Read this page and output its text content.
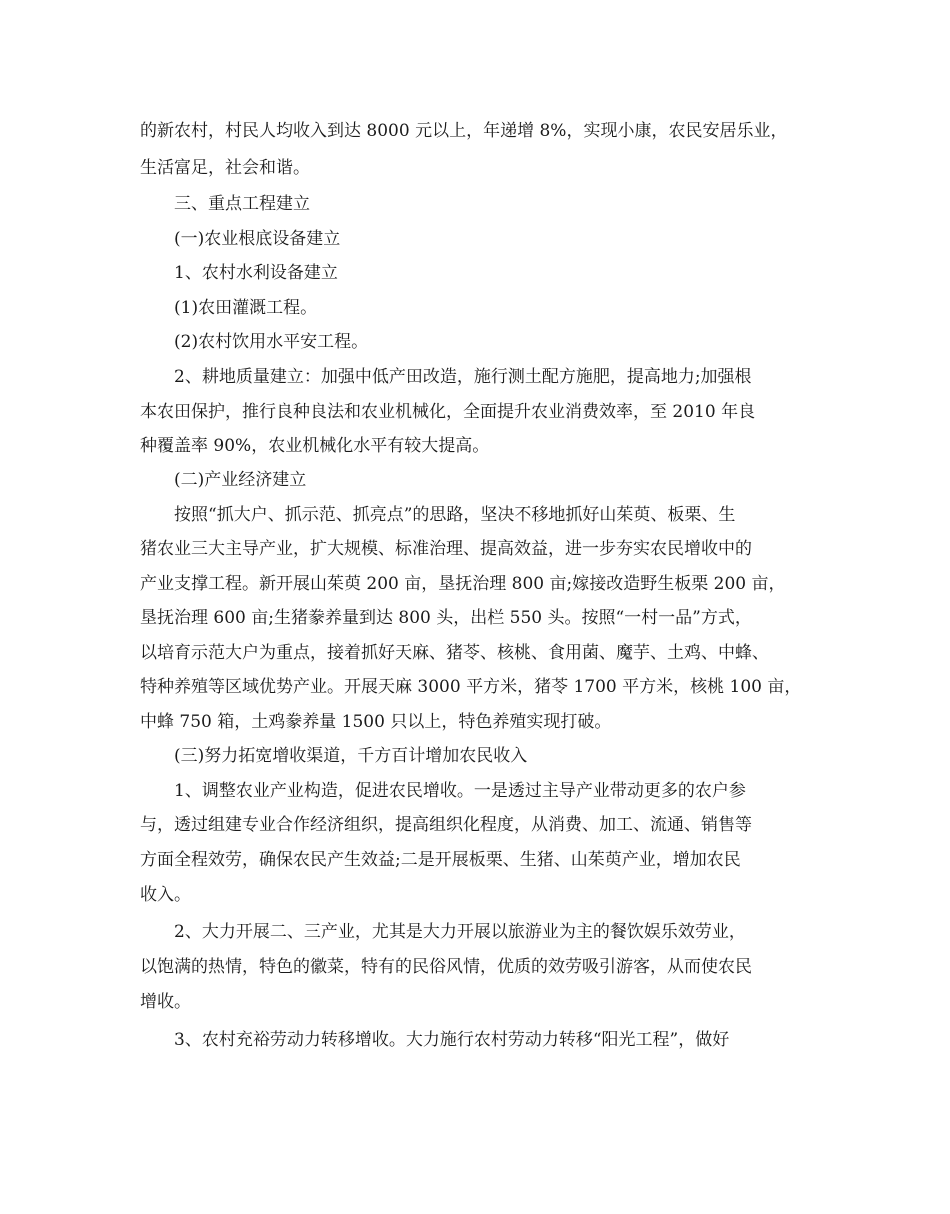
的新农村，村民人均收入到达 8000 元以上，年递增 8%，实现小康，农民安居乐业，

生活富足，社会和谐。

三、重点工程建立

(一)农业根底设备建立

1、农村水利设备建立

(1)农田灌溉工程。

(2)农村饮用水平安工程。

2、耕地质量建立：加强中低产田改造，施行测土配方施肥，提高地力;加强根

本农田保护，推行良种良法和农业机械化，全面提升农业消费效率，至 2010 年良

种覆盖率 90%，农业机械化水平有较大提高。

(二)产业经济建立

按照“抓大户、抓示范、抓亮点”的思路，坚决不移地抓好山茱萸、板栗、生

猪农业三大主导产业，扩大规模、标准治理、提高效益，进一步夯实农民增收中的

产业支撑工程。新开展山茱萸 200 亩，垦抚治理 800 亩;嫁接改造野生板栗 200 亩，

垦抚治理 600 亩;生猪豢养量到达 800 头，出栏 550 头。按照“一村一品”方式，

以培育示范大户为重点，接着抓好天麻、猪苓、核桃、食用菌、魔芋、土鸡、中蜂、

特种养殖等区域优势产业。开展天麻 3000 平方米，猪苓 1700 平方米，核桃 100 亩，

中蜂 750 箱，土鸡豢养量 1500 只以上，特色养殖实现打破。

(三)努力拓宽增收渠道，千方百计增加农民收入

1、调整农业产业构造，促进农民增收。一是透过主导产业带动更多的农户参

与，透过组建专业合作经济组织，提高组织化程度，从消费、加工、流通、销售等

方面全程效劳，确保农民产生效益;二是开展板栗、生猪、山茱萸产业，增加农民

收入。

2、大力开展二、三产业，尤其是大力开展以旅游业为主的餐饮娱乐效劳业，

以饱满的热情，特色的徽菜，特有的民俗风情，优质的效劳吸引游客，从而使农民

增收。

3、农村充裕劳动力转移增收。大力施行农村劳动力转移“阳光工程”，做好
